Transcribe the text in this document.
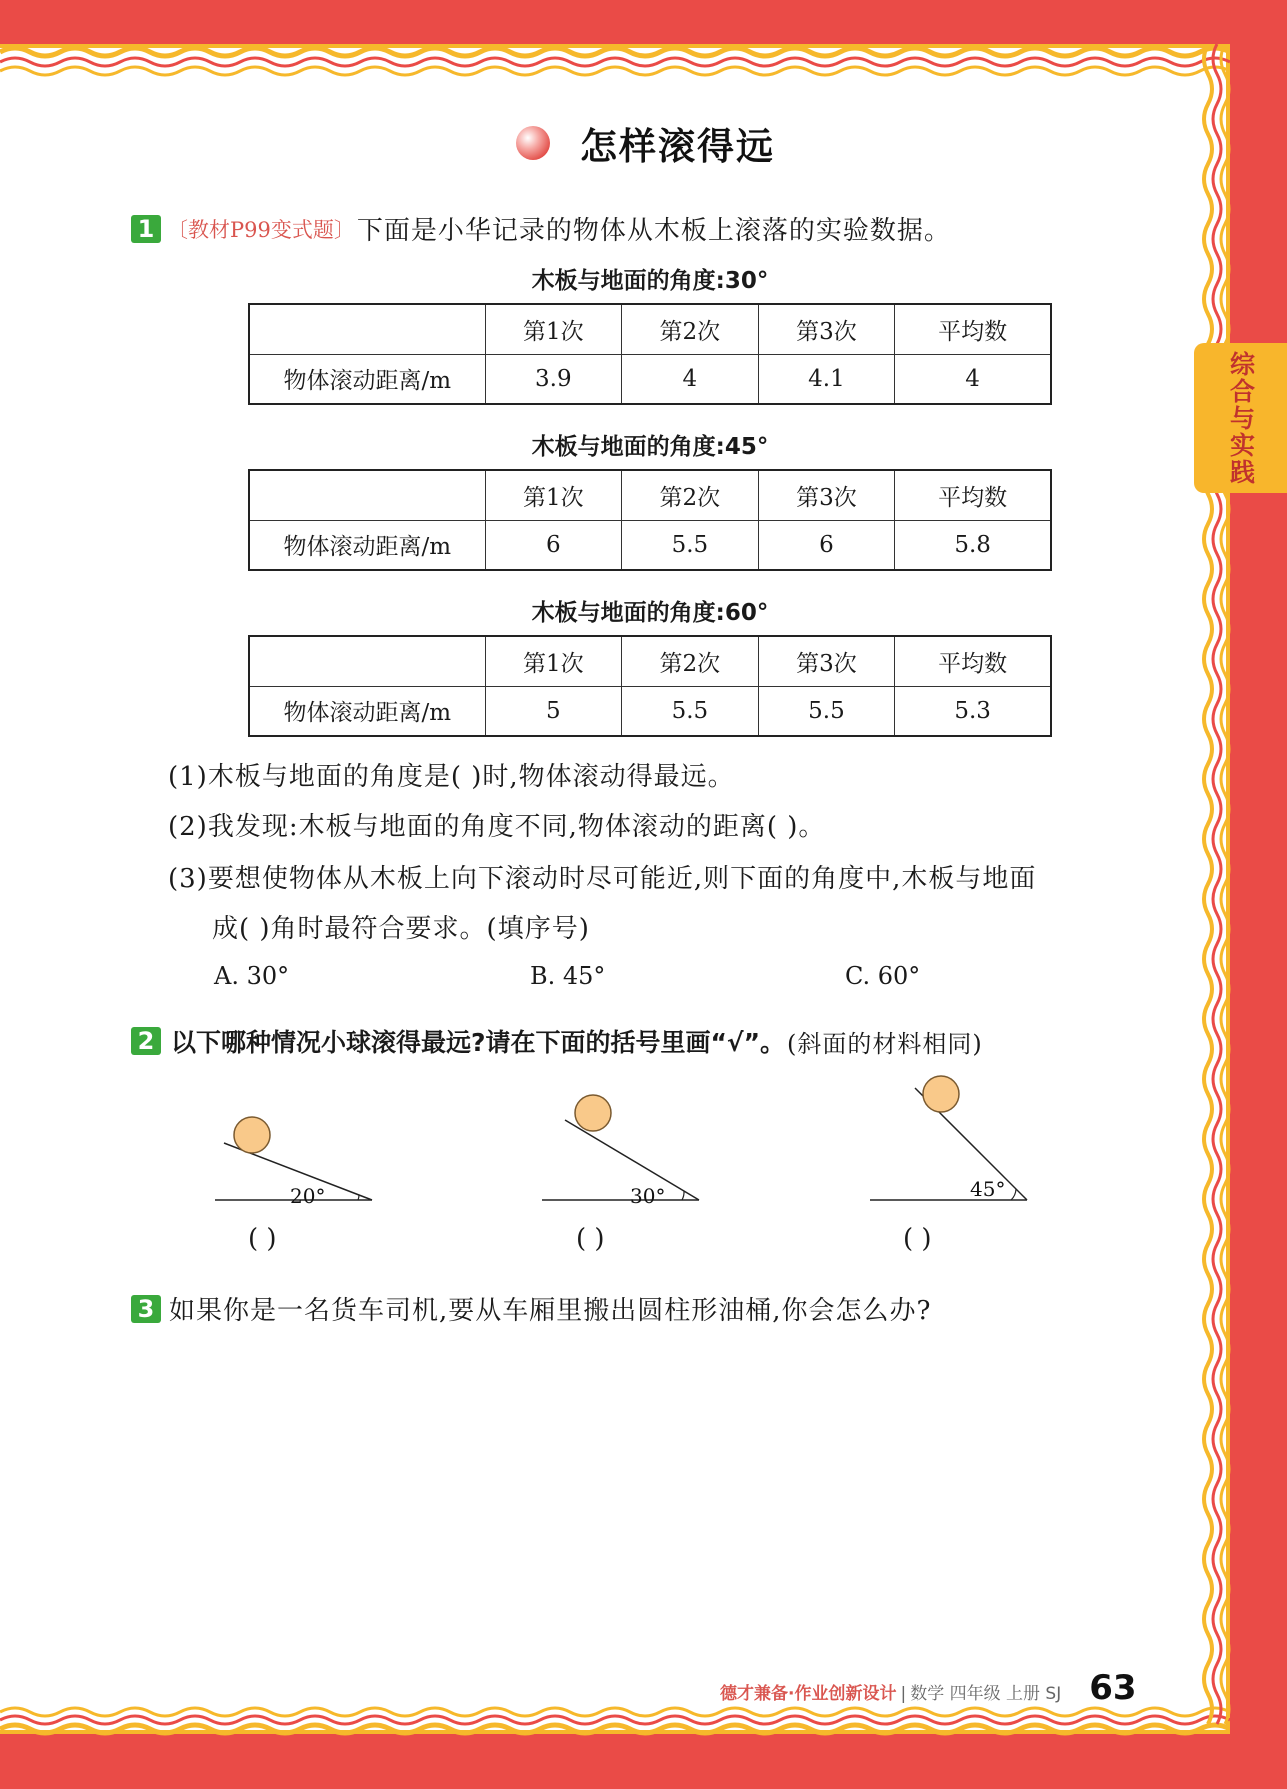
综合与实践
怎样滚得远
1 〔教材P99变式题〕 下面是小华记录的物体从木板上滚落的实验数据。
木板与地面的角度:30°
	第1次	第2次	第3次	平均数
物体滚动距离/m	3.9	4	4.1	4
木板与地面的角度:45°
	第1次	第2次	第3次	平均数
物体滚动距离/m	6	5.5	6	5.8
木板与地面的角度:60°
	第1次	第2次	第3次	平均数
物体滚动距离/m	5	5.5	5.5	5.3
(1)木板与地面的角度是( )时,物体滚动得最远。
(2)我发现:木板与地面的角度不同,物体滚动的距离( )。
(3)要想使物体从木板上向下滚动时尽可能近,则下面的角度中,木板与地面
成( )角时最符合要求。(填序号)
A. 30°	B. 45°	C. 60°
2 以下哪种情况小球滚得最远?请在下面的括号里画“√”。 (斜面的材料相同)
20°	30°	45°
( )	( )	( )
3 如果你是一名货车司机,要从车厢里搬出圆柱形油桶,你会怎么办?
德才兼备·作业创新设计 | 数学 四年级 上册 SJ 63
